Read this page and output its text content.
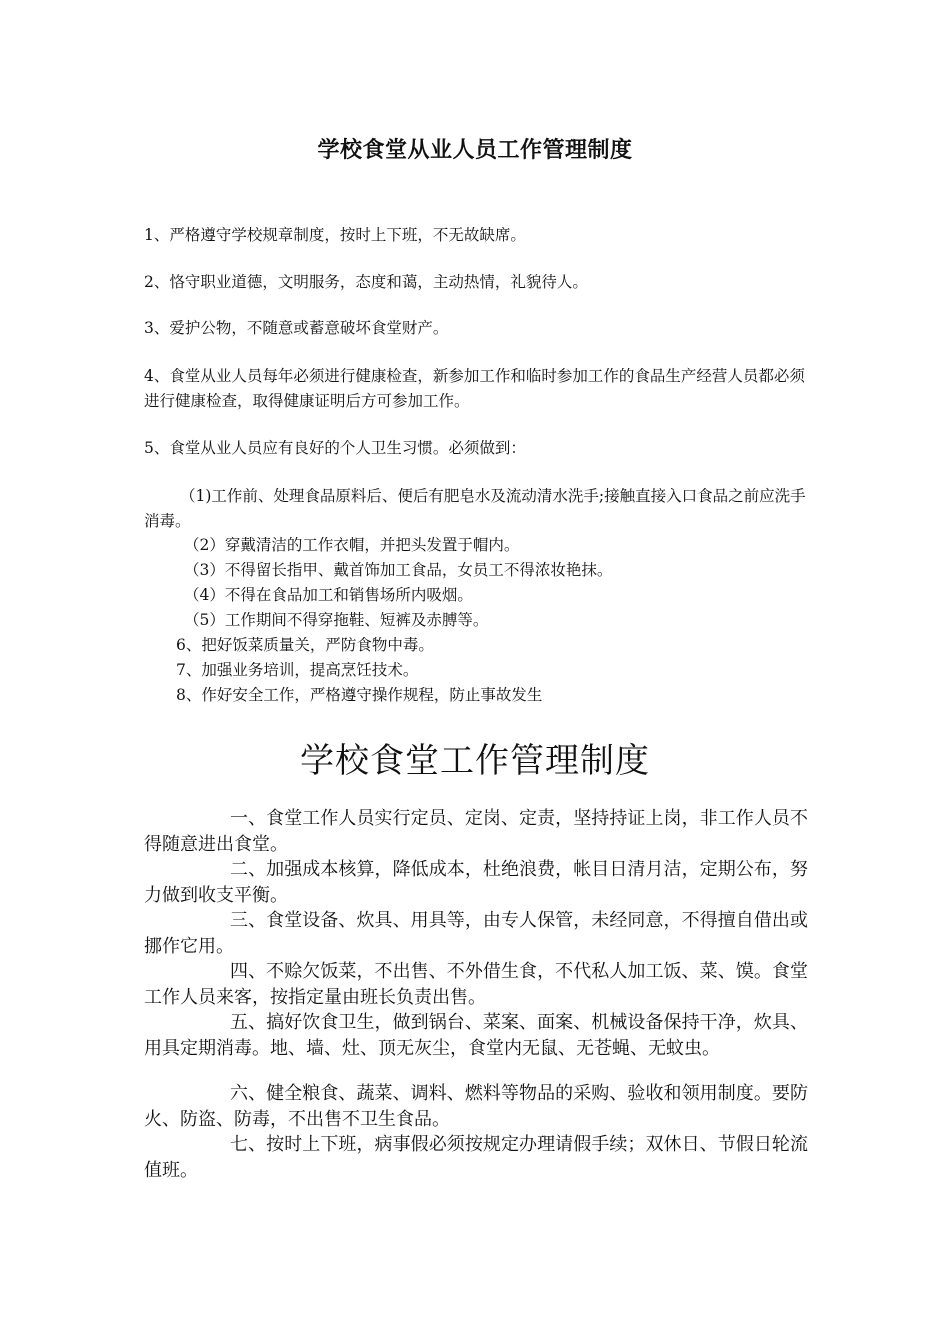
学校食堂从业人员工作管理制度
1、严格遵守学校规章制度，按时上下班，不无故缺席。
2、恪守职业道德，文明服务，态度和蔼，主动热情，礼貌待人。
3、爱护公物，不随意或蓄意破坏食堂财产。
4、食堂从业人员每年必须进行健康检查，新参加工作和临时参加工作的食品生产经营人员都必须进行健康检查，取得健康证明后方可参加工作。
5、食堂从业人员应有良好的个人卫生习惯。必须做到：
（1)工作前、处理食品原料后、便后有肥皂水及流动清水洗手;接触直接入口食品之前应洗手消毒。
（2）穿戴清洁的工作衣帽，并把头发置于帽内。
（3）不得留长指甲、戴首饰加工食品，女员工不得浓妆艳抹。
（4）不得在食品加工和销售场所内吸烟。
（5）工作期间不得穿拖鞋、短裤及赤膊等。
6、把好饭菜质量关，严防食物中毒。
7、加强业务培训，提高烹饪技术。
8、作好安全工作，严格遵守操作规程，防止事故发生
学校食堂工作管理制度
一、食堂工作人员实行定员、定岗、定责，坚持持证上岗，非工作人员不得随意进出食堂。
二、加强成本核算，降低成本，杜绝浪费，帐目日清月洁，定期公布，努力做到收支平衡。
三、食堂设备、炊具、用具等，由专人保管，未经同意，不得擅自借出或挪作它用。
四、不赊欠饭菜，不出售、不外借生食，不代私人加工饭、菜、馍。食堂工作人员来客，按指定量由班长负责出售。
五、搞好饮食卫生，做到锅台、菜案、面案、机械设备保持干净，炊具、用具定期消毒。地、墙、灶、顶无灰尘，食堂内无鼠、无苍蝇、无蚊虫。
六、健全粮食、蔬菜、调料、燃料等物品的采购、验收和领用制度。要防火、防盗、防毒，不出售不卫生食品。
七、按时上下班，病事假必须按规定办理请假手续；双休日、节假日轮流值班。
